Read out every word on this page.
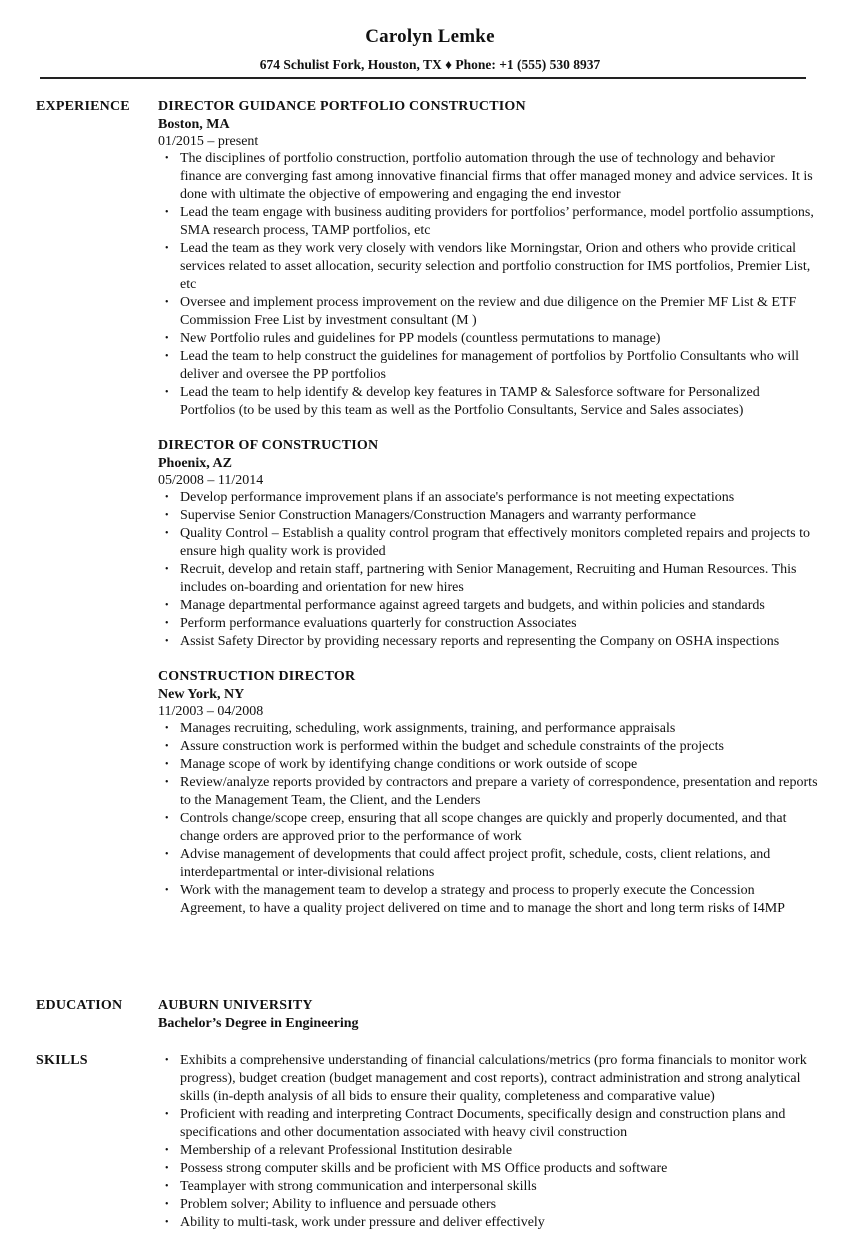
Carolyn Lemke
674 Schulist Fork, Houston, TX ♦ Phone: +1 (555) 530 8937
EXPERIENCE DIRECTOR GUIDANCE PORTFOLIO CONSTRUCTION
Boston, MA
01/2015 – present
• The disciplines of portfolio construction, portfolio automation through the use of technology and behavior finance are converging fast among innovative financial firms that offer managed money and advice services. It is done with ultimate the objective of empowering and engaging the end investor
• Lead the team engage with business auditing providers for portfolios’ performance, model portfolio assumptions, SMA research process, TAMP portfolios, etc
• Lead the team as they work very closely with vendors like Morningstar, Orion and others who provide critical services related to asset allocation, security selection and portfolio construction for IMS portfolios, Premier List, etc
• Oversee and implement process improvement on the review and due diligence on the Premier MF List & ETF Commission Free List by investment consultant (M )
• New Portfolio rules and guidelines for PP models (countless permutations to manage)
• Lead the team to help construct the guidelines for management of portfolios by Portfolio Consultants who will deliver and oversee the PP portfolios
• Lead the team to help identify & develop key features in TAMP & Salesforce software for Personalized Portfolios (to be used by this team as well as the Portfolio Consultants, Service and Sales associates)
DIRECTOR OF CONSTRUCTION
Phoenix, AZ
05/2008 – 11/2014
• Develop performance improvement plans if an associate's performance is not meeting expectations
• Supervise Senior Construction Managers/Construction Managers and warranty performance
• Quality Control – Establish a quality control program that effectively monitors completed repairs and projects to ensure high quality work is provided
• Recruit, develop and retain staff, partnering with Senior Management, Recruiting and Human Resources. This includes on-boarding and orientation for new hires
• Manage departmental performance against agreed targets and budgets, and within policies and standards
• Perform performance evaluations quarterly for construction Associates
• Assist Safety Director by providing necessary reports and representing the Company on OSHA inspections
CONSTRUCTION DIRECTOR
New York, NY
11/2003 – 04/2008
• Manages recruiting, scheduling, work assignments, training, and performance appraisals
• Assure construction work is performed within the budget and schedule constraints of the projects
• Manage scope of work by identifying change conditions or work outside of scope
• Review/analyze reports provided by contractors and prepare a variety of correspondence, presentation and reports to the Management Team, the Client, and the Lenders
• Controls change/scope creep, ensuring that all scope changes are quickly and properly documented, and that change orders are approved prior to the performance of work
• Advise management of developments that could affect project profit, schedule, costs, client relations, and interdepartmental or inter-divisional relations
• Work with the management team to develop a strategy and process to properly execute the Concession Agreement, to have a quality project delivered on time and to manage the short and long term risks of I4MP
EDUCATION	AUBURN UNIVERSITY
Bachelor’s Degree in Engineering
SKILLS	• Exhibits a comprehensive understanding of financial calculations/metrics (pro forma financials to monitor work progress), budget creation (budget management and cost reports), contract administration and strong analytical skills (in-depth analysis of all bids to ensure their quality, completeness and comparative value)
• Proficient with reading and interpreting Contract Documents, specifically design and construction plans and specifications and other documentation associated with heavy civil construction
• Membership of a relevant Professional Institution desirable
• Possess strong computer skills and be proficient with MS Office products and software
• Teamplayer with strong communication and interpersonal skills
• Problem solver; Ability to influence and persuade others
• Ability to multi-task, work under pressure and deliver effectively
